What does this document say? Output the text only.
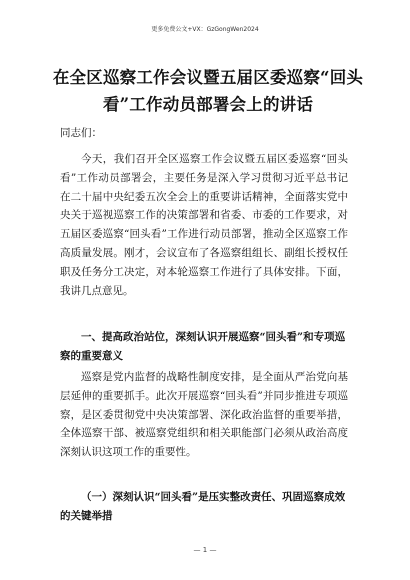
更多免费公文+VX：GzGongWen2024
在全区巡察工作会议暨五届区委巡察“回头看”工作动员部署会上的讲话
同志们：
今天，我们召开全区巡察工作会议暨五届区委巡察“回头看”工作动员部署会，主要任务是深入学习贯彻习近平总书记在二十届中央纪委五次全会上的重要讲话精神，全面落实党中央关于巡视巡察工作的决策部署和省委、市委的工作要求，对五届区委巡察“回头看”工作进行动员部署，推动全区巡察工作高质量发展。刚才，会议宣布了各巡察组组长、副组长授权任职及任务分工决定，对本轮巡察工作进行了具体安排。下面，我讲几点意见。
一、提高政治站位，深刻认识开展巡察“回头看”和专项巡察的重要意义
巡察是党内监督的战略性制度安排，是全面从严治党向基层延伸的重要抓手。此次开展巡察“回头看”并同步推进专项巡察，是区委贯彻党中央决策部署、深化政治监督的重要举措，全体巡察干部、被巡察党组织和相关职能部门必须从政治高度深刻认识这项工作的重要性。
（一）深刻认识“回头看”是压实整改责任、巩固巡察成效的关键举措
— 1 —
